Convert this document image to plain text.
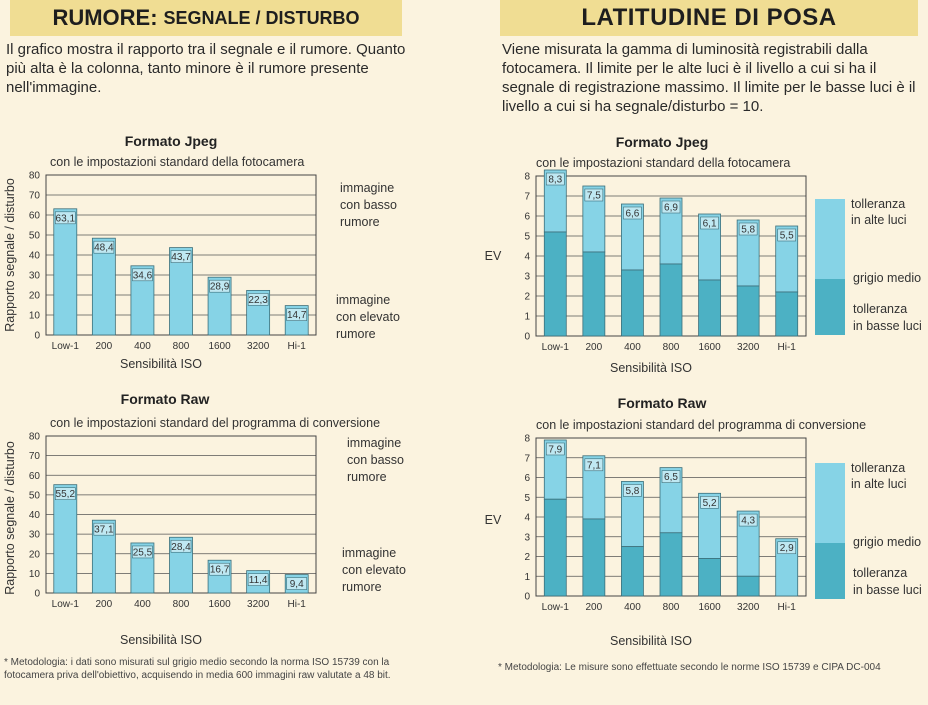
RUMORE: SEGNALE / DISTURBO	LATITUDINE DI POSA

Il grafico mostra il rapporto tra il segnale e il rumore. Quanto più alta è la colonna, tanto minore è il rumore presente nell'immagine.

Viene misurata la gamma di luminosità registrabili dalla fotocamera. Il limite per le alte luci è il livello a cui si ha il segnale di registrazione massimo. Il limite per le basse luci è il livello a cui si ha segnale/disturbo = 10.

Formato Jpeg
con le impostazioni standard della fotocamera
0
10
20
30
40
50
60
70
80
Low-1
63,1
200
48,4
400
34,6
800
43,7
1600
28,9
3200
22,3
Hi-1
14,7
Sensibilità ISO
Rapporto segnale / disturbo
Formato Raw
con le impostazioni standard del programma di conversione
0
10
20
30
40
50
60
70
80
Low-1
55,2
200
37,1
400
25,5
800
28,4
1600
16,7
3200
11,4
Hi-1
9,4
Sensibilità ISO
Rapporto segnale / disturbo
Formato Jpeg
con le impostazioni standard della fotocamera
0
1
2
3
4
5
6
7
8
Low-1
8,3
200
7,5
400
6,6
800
6,9
1600
6,1
3200
5,8
Hi-1
5,5
Sensibilità ISO
EV
Formato Raw
con le impostazioni standard del programma di conversione
0
1
2
3
4
5
6
7
8
Low-1
7,9
200
7,1
400
5,8
800
6,5
1600
5,2
3200
4,3
Hi-1
2,9
Sensibilità ISO
EV
immagine
con basso
rumore
immagine
con elevato
rumore
immagine
con basso
rumore
immagine
con elevato
rumore
tolleranza
in alte luci
grigio medio
tolleranza
in basse luci
tolleranza
in alte luci
grigio medio
tolleranza
in basse luci

* Metodologia: i dati sono misurati sul grigio medio secondo la norma ISO 15739 con la fotocamera priva dell'obiettivo, acquisendo in media 600 immagini raw valutate a 48 bit.

* Metodologia: Le misure sono effettuate secondo le norme ISO 15739 e CIPA DC-004
